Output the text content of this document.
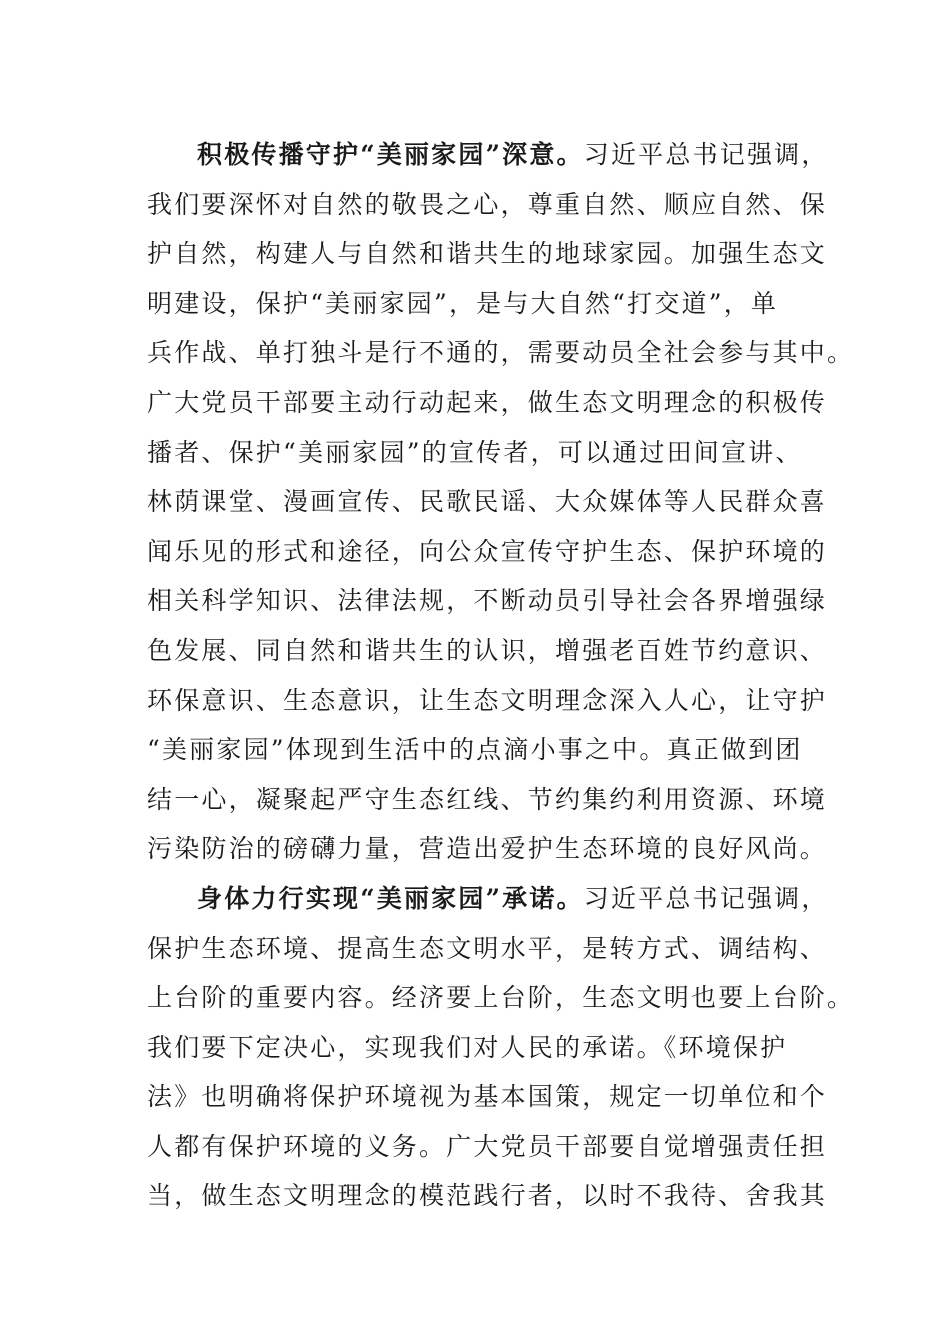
积极传播守护“美丽家园”深意。习近平总书记强调，
我们要深怀对自然的敬畏之心，尊重自然、顺应自然、保
护自然，构建人与自然和谐共生的地球家园。加强生态文
明建设，保护“美丽家园”，是与大自然“打交道”，单
兵作战、单打独斗是行不通的，需要动员全社会参与其中。
广大党员干部要主动行动起来，做生态文明理念的积极传
播者、保护“美丽家园”的宣传者，可以通过田间宣讲、
林荫课堂、漫画宣传、民歌民谣、大众媒体等人民群众喜
闻乐见的形式和途径，向公众宣传守护生态、保护环境的
相关科学知识、法律法规，不断动员引导社会各界增强绿
色发展、同自然和谐共生的认识，增强老百姓节约意识、
环保意识、生态意识，让生态文明理念深入人心，让守护
“美丽家园”体现到生活中的点滴小事之中。真正做到团
结一心，凝聚起严守生态红线、节约集约利用资源、环境
污染防治的磅礴力量，营造出爱护生态环境的良好风尚。
身体力行实现“美丽家园”承诺。习近平总书记强调，
保护生态环境、提高生态文明水平，是转方式、调结构、
上台阶的重要内容。经济要上台阶，生态文明也要上台阶。
我们要下定决心，实现我们对人民的承诺。《环境保护
法》也明确将保护环境视为基本国策，规定一切单位和个
人都有保护环境的义务。广大党员干部要自觉增强责任担
当，做生态文明理念的模范践行者，以时不我待、舍我其
